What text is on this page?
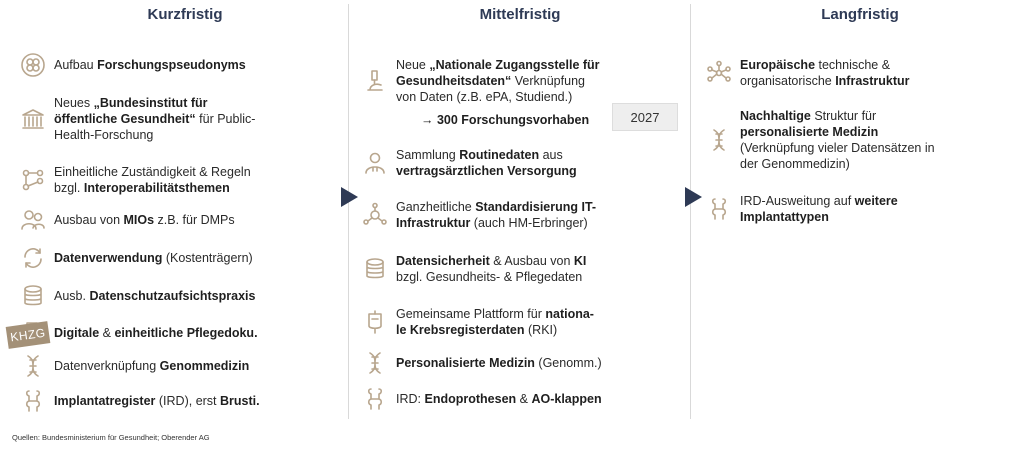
Kurzfristig	Mittelfristig	Langfristig
Aufbau Forschungspseudonyms
Neues „Bundesinstitut für
öffentliche Gesundheit“ für Public-
Health-Forschung
Einheitliche Zuständigkeit & Regeln
bzgl. Interoperabilitätsthemen
Ausbau von MIOs z.B. für DMPs
Datenverwendung (Kostenträgern)
Ausb. Datenschutzaufsichtspraxis
Digitale & einheitliche Pflegedoku.
Datenverknüpfung Genommedizin
Implantatregister (IRD), erst Brusti.
Neue „Nationale Zugangsstelle für
Gesundheitsdaten“ Verknüpfung
von Daten (z.B. ePA, Studiend.)
Sammlung Routinedaten aus
vertragsärztlichen Versorgung
Ganzheitliche Standardisierung IT-
Infrastruktur (auch HM-Erbringer)
Datensicherheit & Ausbau von KI
bzgl. Gesundheits- & Pflegedaten
Gemeinsame Plattform für nationa-
le Krebsregisterdaten (RKI)
Personalisierte Medizin (Genomm.)
IRD: Endoprothesen & AO-klappen
Europäische technische &
organisatorische Infrastruktur
Nachhaltige Struktur für
personalisierte Medizin
(Verknüpfung vieler Datensätzen in
der Genommedizin)
IRD-Ausweitung auf weitere
Implantattypen
→ 300 Forschungsvorhaben	2027
KHZG
Quellen: Bundesministerium für Gesundheit; Oberender AG
